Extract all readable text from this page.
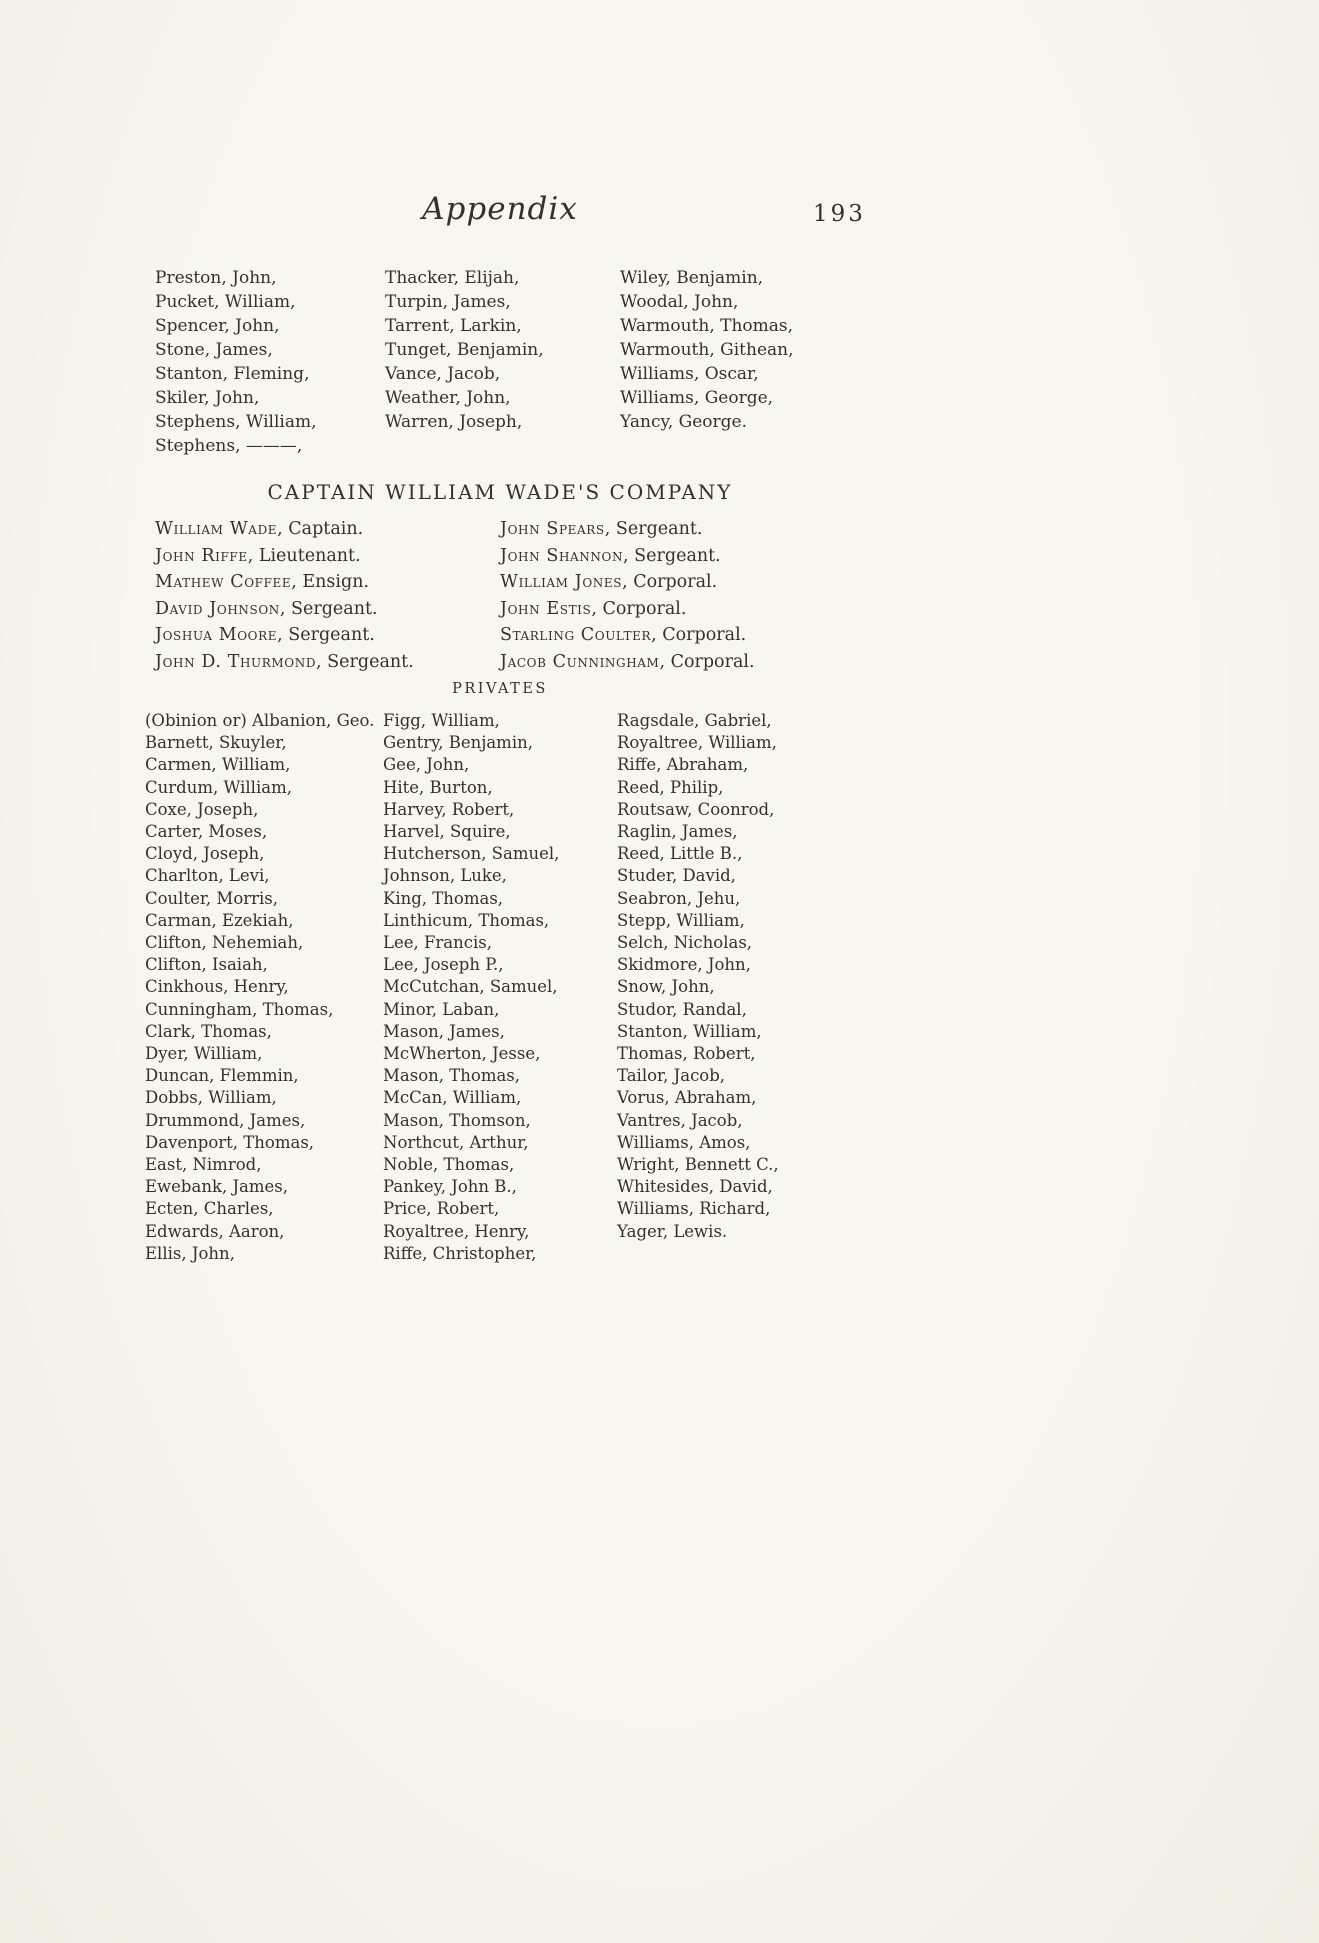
Appendix	193
Preston, John,
Pucket, William,
Spencer, John,
Stone, James,
Stanton, Fleming,
Skiler, John,
Stephens, William,
Stephens, ———,
Thacker, Elijah,
Turpin, James,
Tarrent, Larkin,
Tunget, Benjamin,
Vance, Jacob,
Weather, John,
Warren, Joseph,
Wiley, Benjamin,
Woodal, John,
Warmouth, Thomas,
Warmouth, Githean,
Williams, Oscar,
Williams, George,
Yancy, George.
CAPTAIN WILLIAM WADE'S COMPANY
William Wade, Captain.
John Riffe, Lieutenant.
Mathew Coffee, Ensign.
David Johnson, Sergeant.
Joshua Moore, Sergeant.
John D. Thurmond, Sergeant.
John Spears, Sergeant.
John Shannon, Sergeant.
William Jones, Corporal.
John Estis, Corporal.
Starling Coulter, Corporal.
Jacob Cunningham, Corporal.
PRIVATES
(Obinion or) Albanion, Geo.
Barnett, Skuyler,
Carmen, William,
Curdum, William,
Coxe, Joseph,
Carter, Moses,
Cloyd, Joseph,
Charlton, Levi,
Coulter, Morris,
Carman, Ezekiah,
Clifton, Nehemiah,
Clifton, Isaiah,
Cinkhous, Henry,
Cunningham, Thomas,
Clark, Thomas,
Dyer, William,
Duncan, Flemmin,
Dobbs, William,
Drummond, James,
Davenport, Thomas,
East, Nimrod,
Ewebank, James,
Ecten, Charles,
Edwards, Aaron,
Ellis, John,
Figg, William,
Gentry, Benjamin,
Gee, John,
Hite, Burton,
Harvey, Robert,
Harvel, Squire,
Hutcherson, Samuel,
Johnson, Luke,
King, Thomas,
Linthicum, Thomas,
Lee, Francis,
Lee, Joseph P.,
McCutchan, Samuel,
Minor, Laban,
Mason, James,
McWherton, Jesse,
Mason, Thomas,
McCan, William,
Mason, Thomson,
Northcut, Arthur,
Noble, Thomas,
Pankey, John B.,
Price, Robert,
Royaltree, Henry,
Riffe, Christopher,
Ragsdale, Gabriel,
Royaltree, William,
Riffe, Abraham,
Reed, Philip,
Routsaw, Coonrod,
Raglin, James,
Reed, Little B.,
Studer, David,
Seabron, Jehu,
Stepp, William,
Selch, Nicholas,
Skidmore, John,
Snow, John,
Studor, Randal,
Stanton, William,
Thomas, Robert,
Tailor, Jacob,
Vorus, Abraham,
Vantres, Jacob,
Williams, Amos,
Wright, Bennett C.,
Whitesides, David,
Williams, Richard,
Yager, Lewis.
